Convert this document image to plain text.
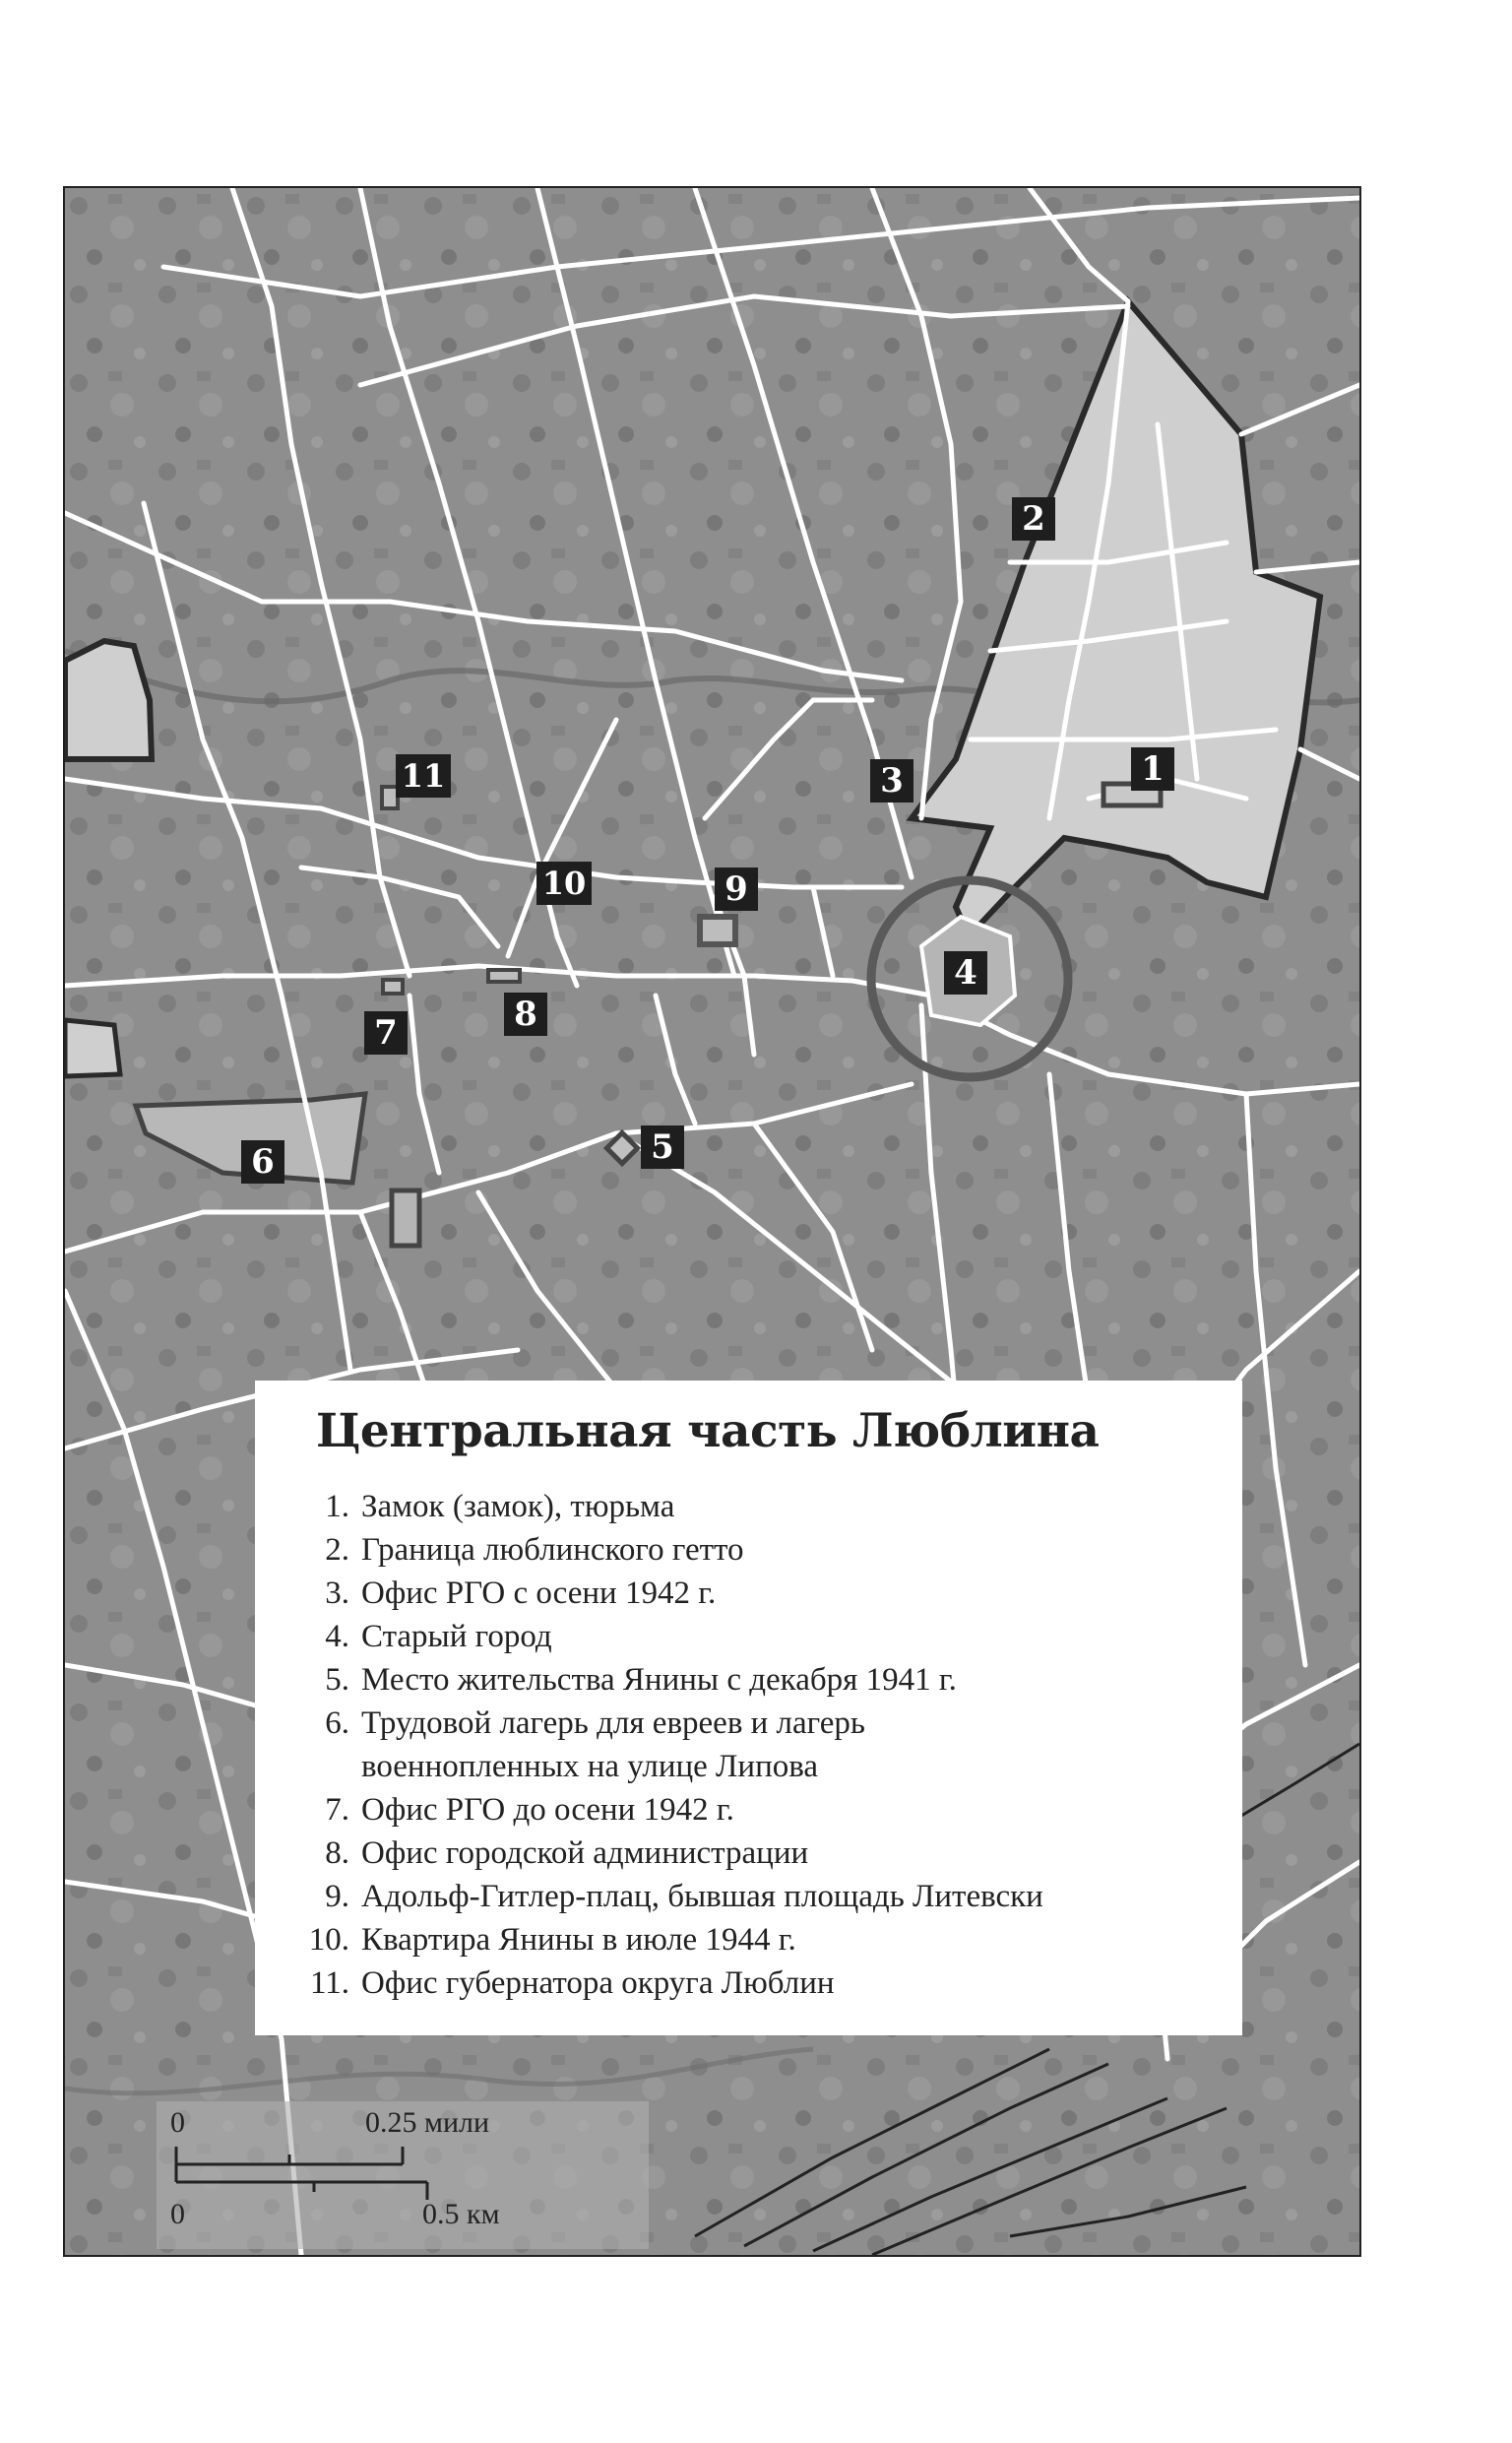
1
2
3
4
5
6
7	8
9
10
11
Центральная часть Люблина
1. Замок (замок), тюрьма
2. Граница люблинского гетто
3. Офис РГО с осени 1942 г.
4. Старый город
5. Место жительства Янины с декабря 1941 г.
6. Трудовой лагерь для евреев и лагерь
военнопленных на улице Липова
7. Офис РГО до осени 1942 г.
8. Офис городской администрации
9. Адольф-Гитлер-плац, бывшая площадь Литевски
10. Квартира Янины в июле 1944 г.
11. Офис губернатора округа Люблин
0	0.25 мили
0	0.5 км
